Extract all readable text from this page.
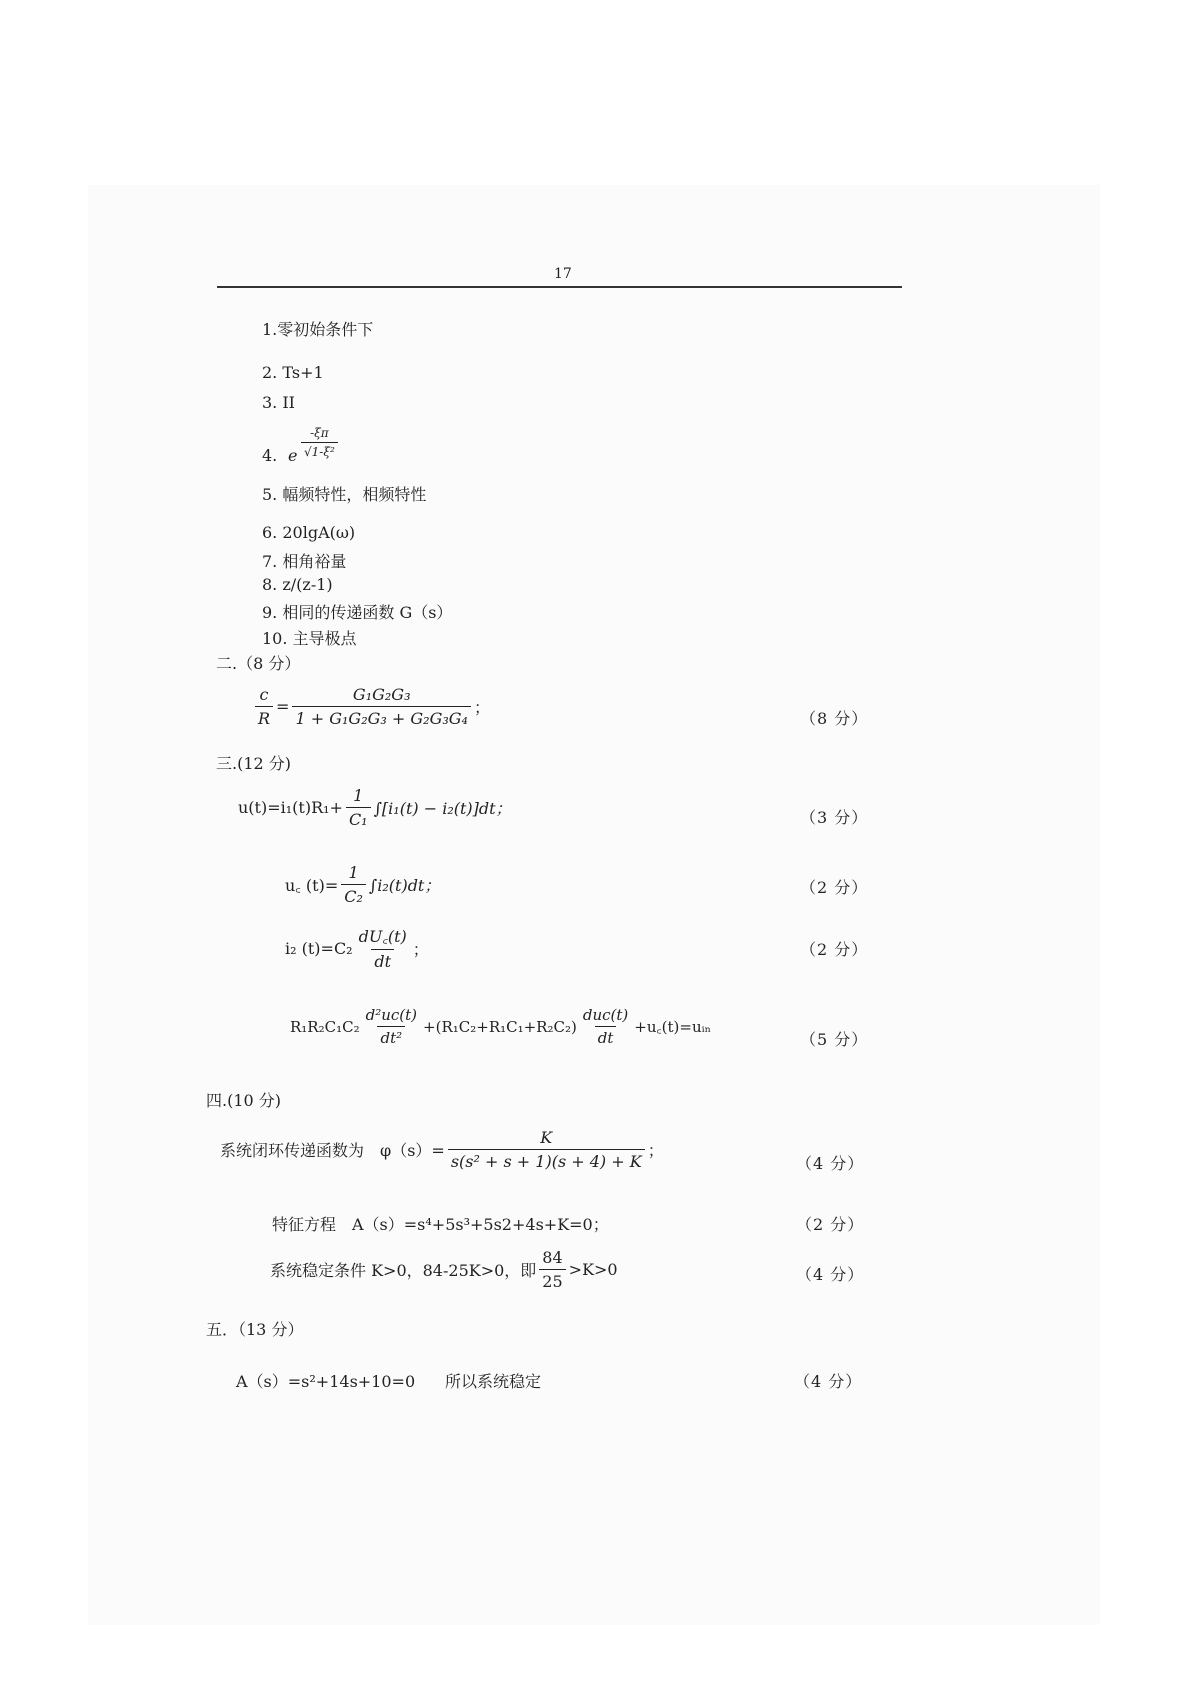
17
1.零初始条件下
2. Ts+1
3. II
4. e $\frac{-\xi\pi}{\text{√1-ξ²}}$
5. 幅频特性，相频特性
6. 20lgA(ω)
7. 相角裕量
8. z/(z-1)
9. 相同的传递函数 G（s）
10. 主导极点
二.（8 分）
$\frac{c}{R} = \frac{\text{G₁G₂G₃}}{\text{1 + G₁G₂G₃ + G₂G₃G₄}}$ ；
（8 分）
三.(12 分)
$u(t)=i_1(t)R_1+ \frac{1}{\text{C₁}} \int[i_1(t) - i_2(t)]dt$；	（3 分）
u꜀ $(t)= \frac{1}{\text{C₂}} \int i_2(t)dt$；	（2 分）
i₂ $(t)=C_2 \frac{dU꜀(t)}{dt}$ ；	（2 分）
$R_1R_2C_1C_2 \frac{\text{d²uc(t)}}{\text{dt²}} +(R_1C_2+R_1C_1+R_2C_2) \frac{\text{duc(t)}}{dt}$ +u꜀(t)=uᵢₙ
（5 分）
四.(10 分)
系统闭环传递函数为　$\varphi(s)= \frac{K}{\text{s(s² + s + 1)(s + 4) + K}}$ ；
（4 分）
特征方程　A（s）=s⁴+5s³+5s2+4s+K=0；	（2 分）
系统稳定条件 K>0，84-25K>0，即 $\frac{84}{25} >K>0$	（4 分）
五．（13 分）
A（s）=s²+14s+10=0 所以系统稳定	（4 分）
